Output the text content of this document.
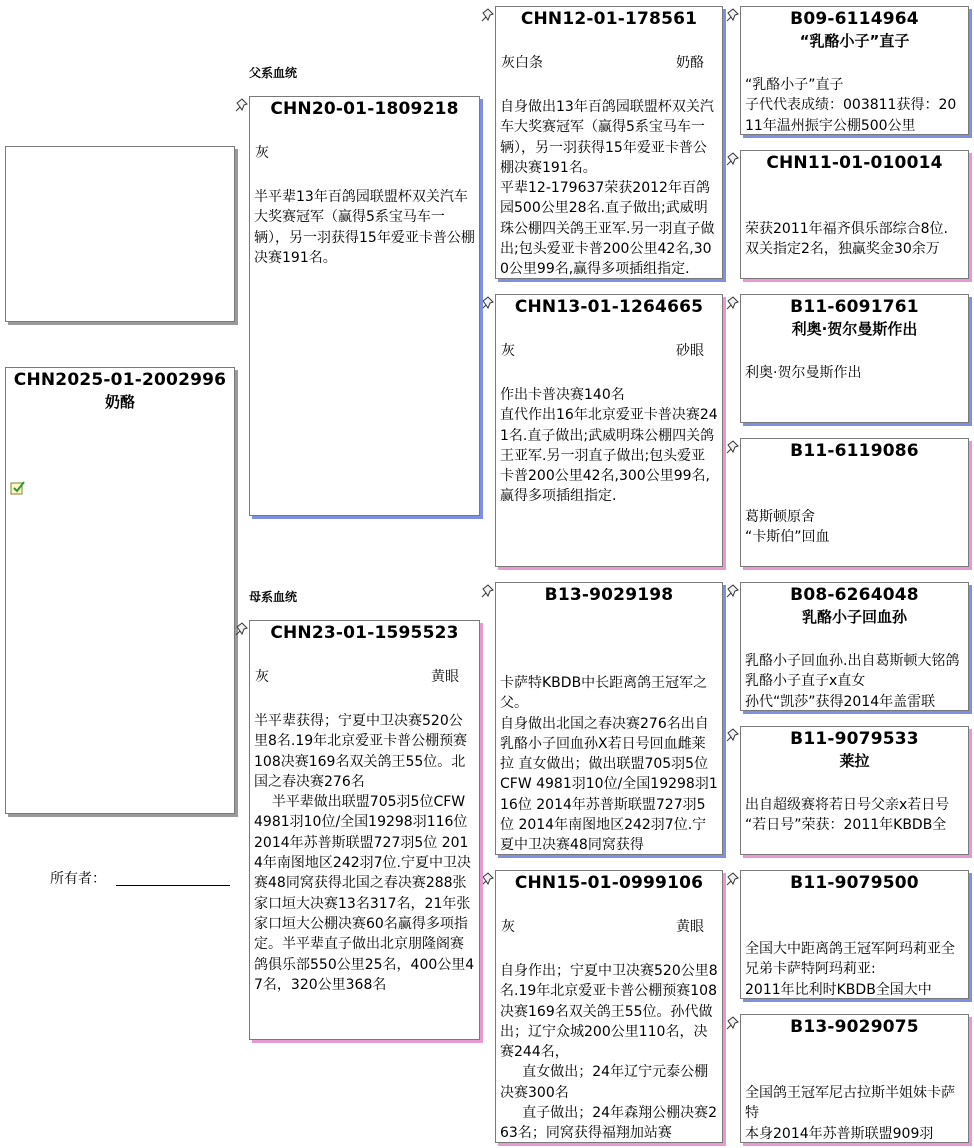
父系血统
母系血统
CHN2025-01-2002996
奶酪
所有者：
CHN20-01-1809218
灰
半平辈13年百鸽园联盟杯双关汽车大奖赛冠军（赢得5系宝马车一辆），另一羽获得15年爱亚卡普公棚决赛191名。
CHN23-01-1595523
灰	黄眼
半平辈获得；宁夏中卫决赛520公里8名.19年北京爱亚卡普公棚预赛108决赛169名双关鸽王55位。北国之春决赛276名
半平辈做出联盟705羽5位CFW 4981羽10位/全国19298羽116位 2014年苏普斯联盟727羽5位 2014年南图地区242羽7位.宁夏中卫决赛48同窝获得北国之春决赛288张家口垣大决赛13名317名，21年张家口垣大公棚决赛60名赢得多项指定。半平辈直子做出北京朋隆阁赛鸽俱乐部550公里25名，400公里47名，320公里368名
CHN12-01-178561
灰白条	奶酪
自身做出13年百鸽园联盟杯双关汽车大奖赛冠军（赢得5系宝马车一辆），另一羽获得15年爱亚卡普公棚决赛191名。
平辈12-179637荣获2012年百鸽园500公里28名.直子做出;武威明珠公棚四关鸽王亚军.另一羽直子做出;包头爱亚卡普200公里42名,300公里99名,赢得多项插组指定.
CHN13-01-1264665
灰	砂眼
作出卡普决赛140名
直代作出16年北京爱亚卡普决赛241名.直子做出;武威明珠公棚四关鸽王亚军.另一羽直子做出;包头爱亚卡普200公里42名,300公里99名,赢得多项插组指定.
B13-9029198
卡萨特KBDB中长距离鸽王冠军之父。
自身做出北国之春决赛276名出自乳酪小子回血孙X若日号回血雌莱拉 直女做出；做出联盟705羽5位 CFW 4981羽10位/全国19298羽116位 2014年苏普斯联盟727羽5位 2014年南图地区242羽7位.宁夏中卫决赛48同窝获得
CHN15-01-0999106
灰	黄眼
自身作出；宁夏中卫决赛520公里8名.19年北京爱亚卡普公棚预赛108决赛169名双关鸽王55位。孙代做出；辽宁众城200公里110名，决赛244名，
直女做出；24年辽宁元泰公棚决赛300名
直子做出；24年森翔公棚决赛263名；同窝获得福翔加站赛
B09-6114964
“乳酪小子”直子
“乳酪小子”直子
子代代表成绩：003811获得：2011年温州振宇公棚500公里
CHN11-01-010014
荣获2011年福齐俱乐部综合8位.
双关指定2名，独赢奖金30余万
B11-6091761
利奥·贺尔曼斯作出
利奥·贺尔曼斯作出
B11-6119086
葛斯顿原舍
“卡斯伯”回血
B08-6264048
乳酪小子回血孙
乳酪小子回血孙.出自葛斯顿大铭鸽乳酪小子直子x直女
孙代“凯莎”获得2014年盖雷联
B11-9079533
莱拉
出自超级赛将若日号父亲x若日号
“若日号”荣获：2011年KBDB全
B11-9079500
全国大中距离鸽王冠军阿玛莉亚全兄弟卡萨特阿玛莉亚:
2011年比利时KBDB全国大中
B13-9029075
全国鸽王冠军尼古拉斯半姐妹卡萨特
本身2014年苏普斯联盟909羽
